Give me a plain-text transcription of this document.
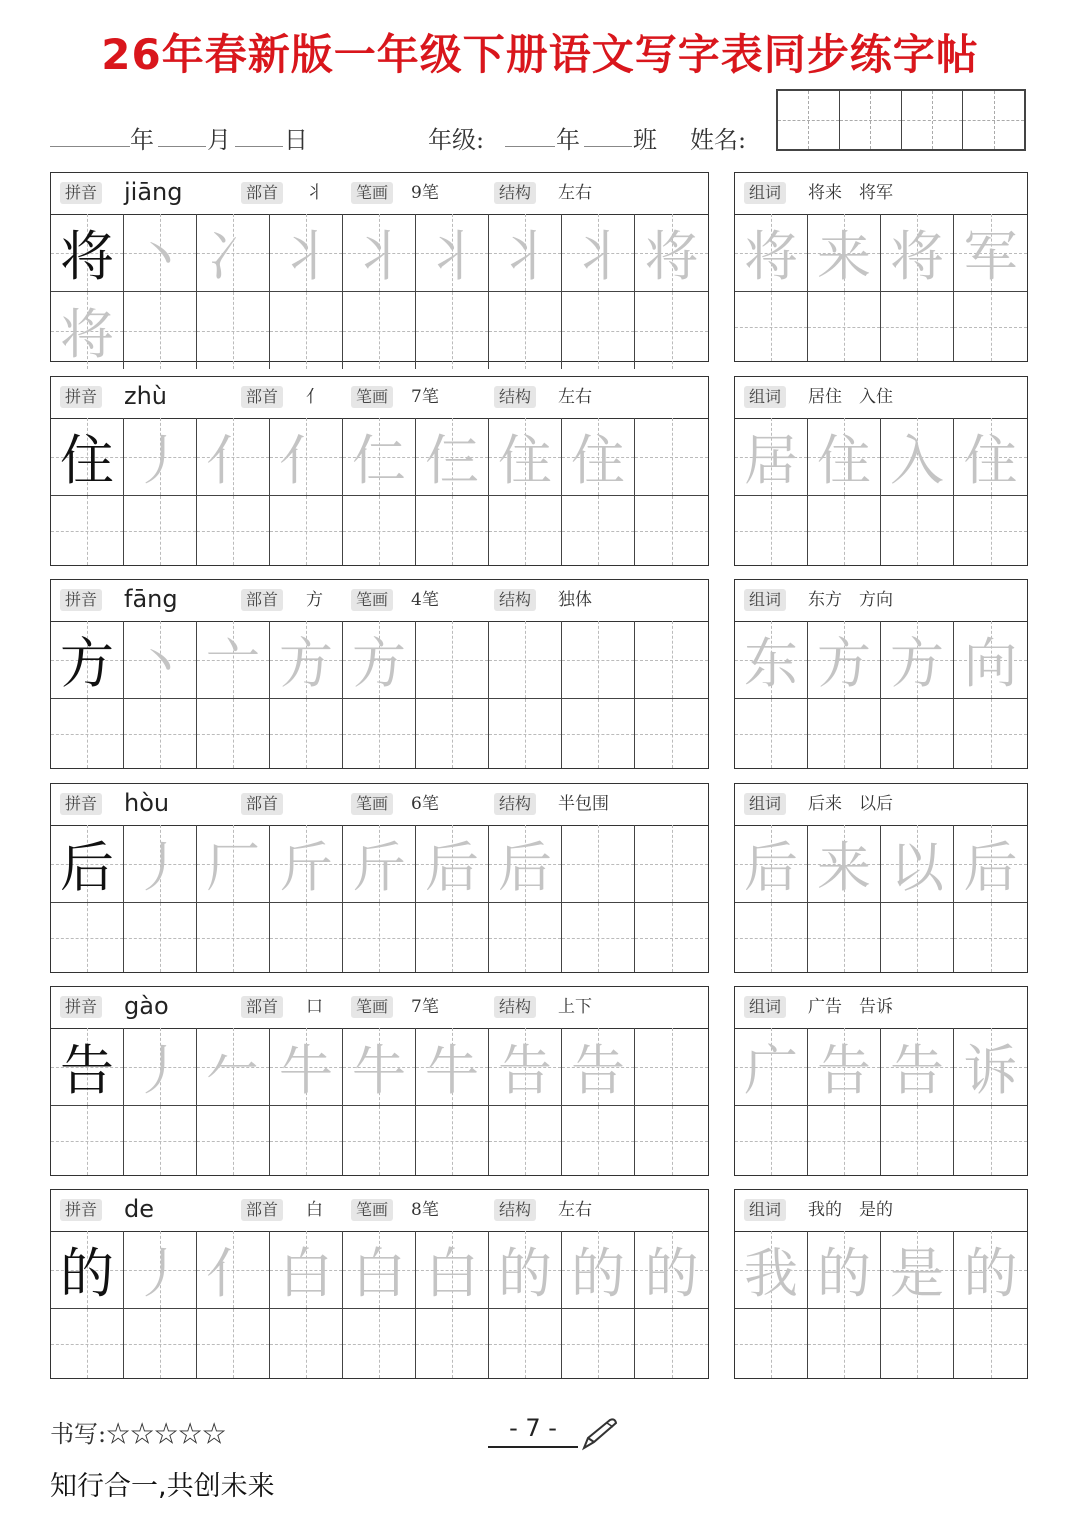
26年春新版一年级下册语文写字表同步练字帖
年 月 日	年级:	年 班 姓名:
拼音 jiāng	部首 丬	笔画 9笔	结构 左右
将 丶 冫 丬 丬 丬 丬 丬 将
将
组词 将来　将军
将 来 将 军
拼音 zhù	部首 亻	笔画 7笔	结构 左右
住 丿 亻 亻 仁 仨 住 住
组词 居住　入住
居 住 入 住
拼音 fāng	部首 方	笔画 4笔	结构 独体
方 丶 亠 方 方
组词 东方　方向
东 方 方 向
拼音 hòu	部首	笔画 6笔	结构 半包围
后 丿 厂 斤 斤 后 后
组词 后来　以后
后 来 以 后
拼音 gào	部首 口	笔画 7笔	结构 上下
告 丿 𠂉 牛 牛 牛 告 告
组词 广告　告诉
广 告 告 诉
拼音 de	部首 白	笔画 8笔	结构 左右
的 丿 亻 白 白 白 的 的 的
组词 我的　是的
我 的 是 的
书写:☆☆☆☆☆	- 7 -
知行合一,共创未来
